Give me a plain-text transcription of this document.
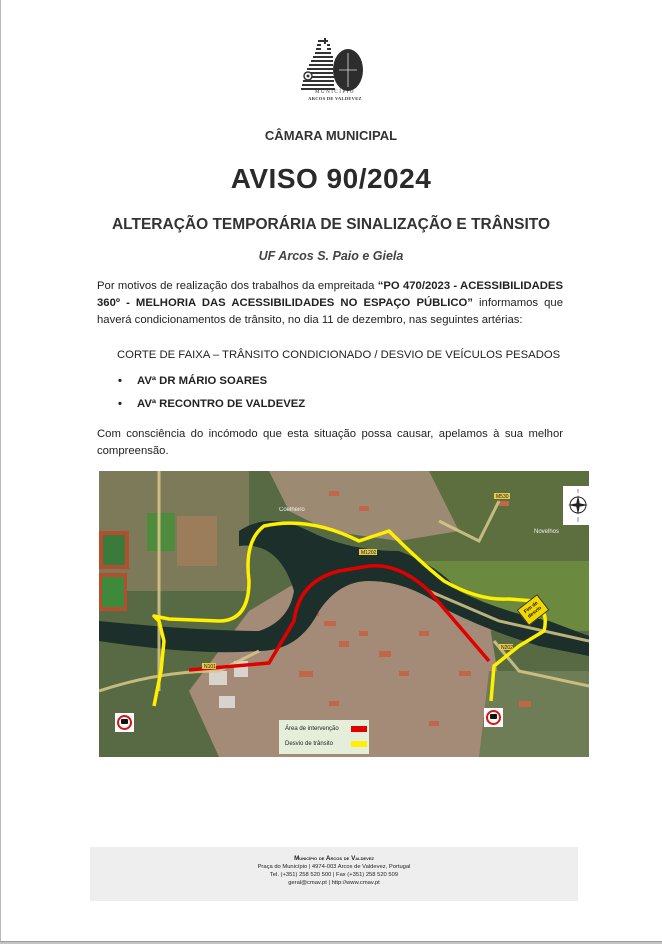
MUNICÍPIO
ARCOS DE VALDEVEZ
CÂMARA MUNICIPAL
AVISO 90/2024
ALTERAÇÃO TEMPORÁRIA DE SINALIZAÇÃO E TRÂNSITO
UF Arcos S. Paio e Giela
Por motivos de realização dos trabalhos da empreitada “PO 470/2023 - ACESSIBILIDADES 360º - MELHORIA DAS ACESSIBILIDADES NO ESPAÇO PÚBLICO” informamos que haverá condicionamentos de trânsito, no dia 11 de dezembro, nas seguintes artérias:
CORTE DE FAIXA – TRÂNSITO CONDICIONADO / DESVIO DE VEÍCULOS PESADOS
• AVª DR MÁRIO SOARES
• AVª RECONTRO DE VALDEVEZ
Com consciência do incómodo que esta situação possa causar, apelamos à sua melhor compreensão.
M530
M1202
N101
N202
Coelheiro
Novelhos
Fim de desvio
Área de intervenção
Desvio de trânsito
Município de Arcos de Valdevez
Praça do Município | 4974-003 Arcos de Valdevez, Portugal
Tel. (+351) 258 520 500 | Fax (+351) 258 520 509
geral@cmav.pt | http://www.cmav.pt
